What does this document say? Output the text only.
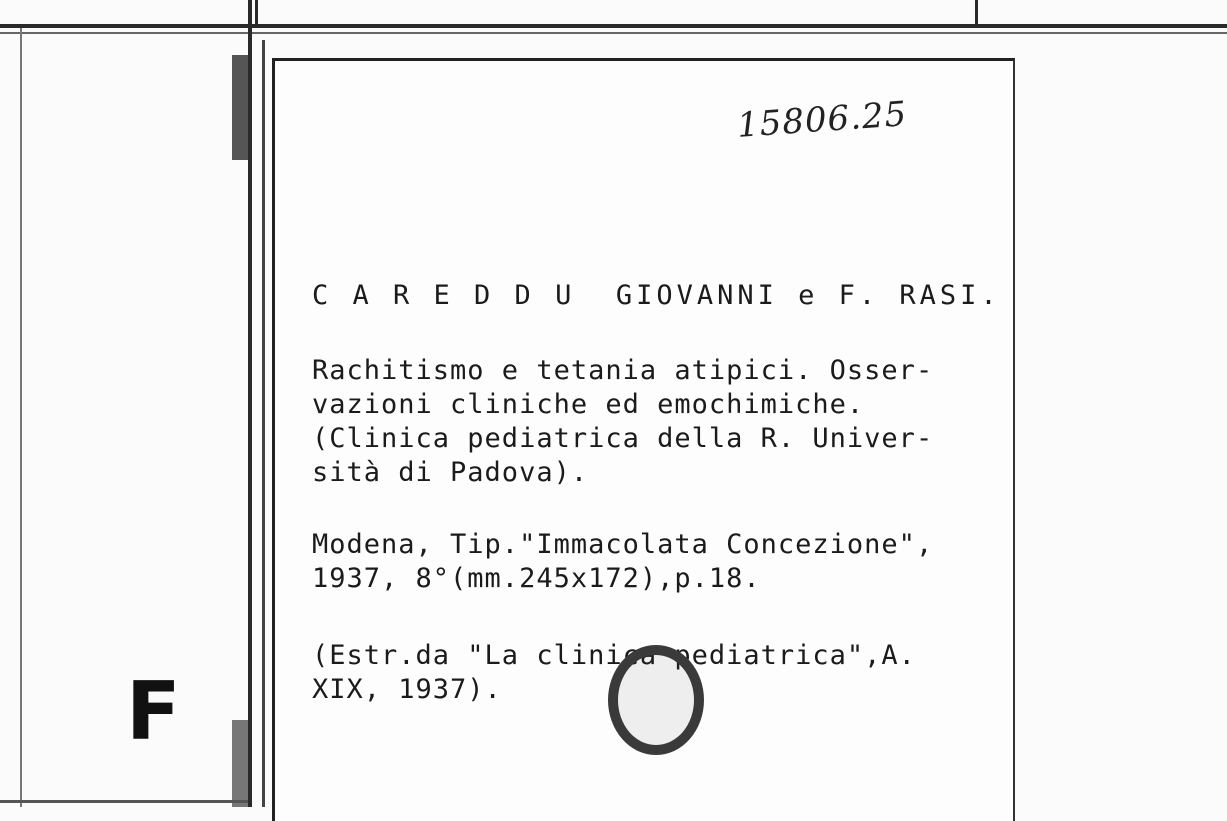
15806.25
C A R E D D U  GIOVANNI e F. RASI.
Rachitismo e tetania atipici. Osser-
vazioni cliniche ed emochimiche.
(Clinica pediatrica della R. Univer-
sità di Padova).
Modena, Tip."Immacolata Concezione",
1937, 8°(mm.245x172),p.18.
(Estr.da "La clinica pediatrica",A.
XIX, 1937).
F
